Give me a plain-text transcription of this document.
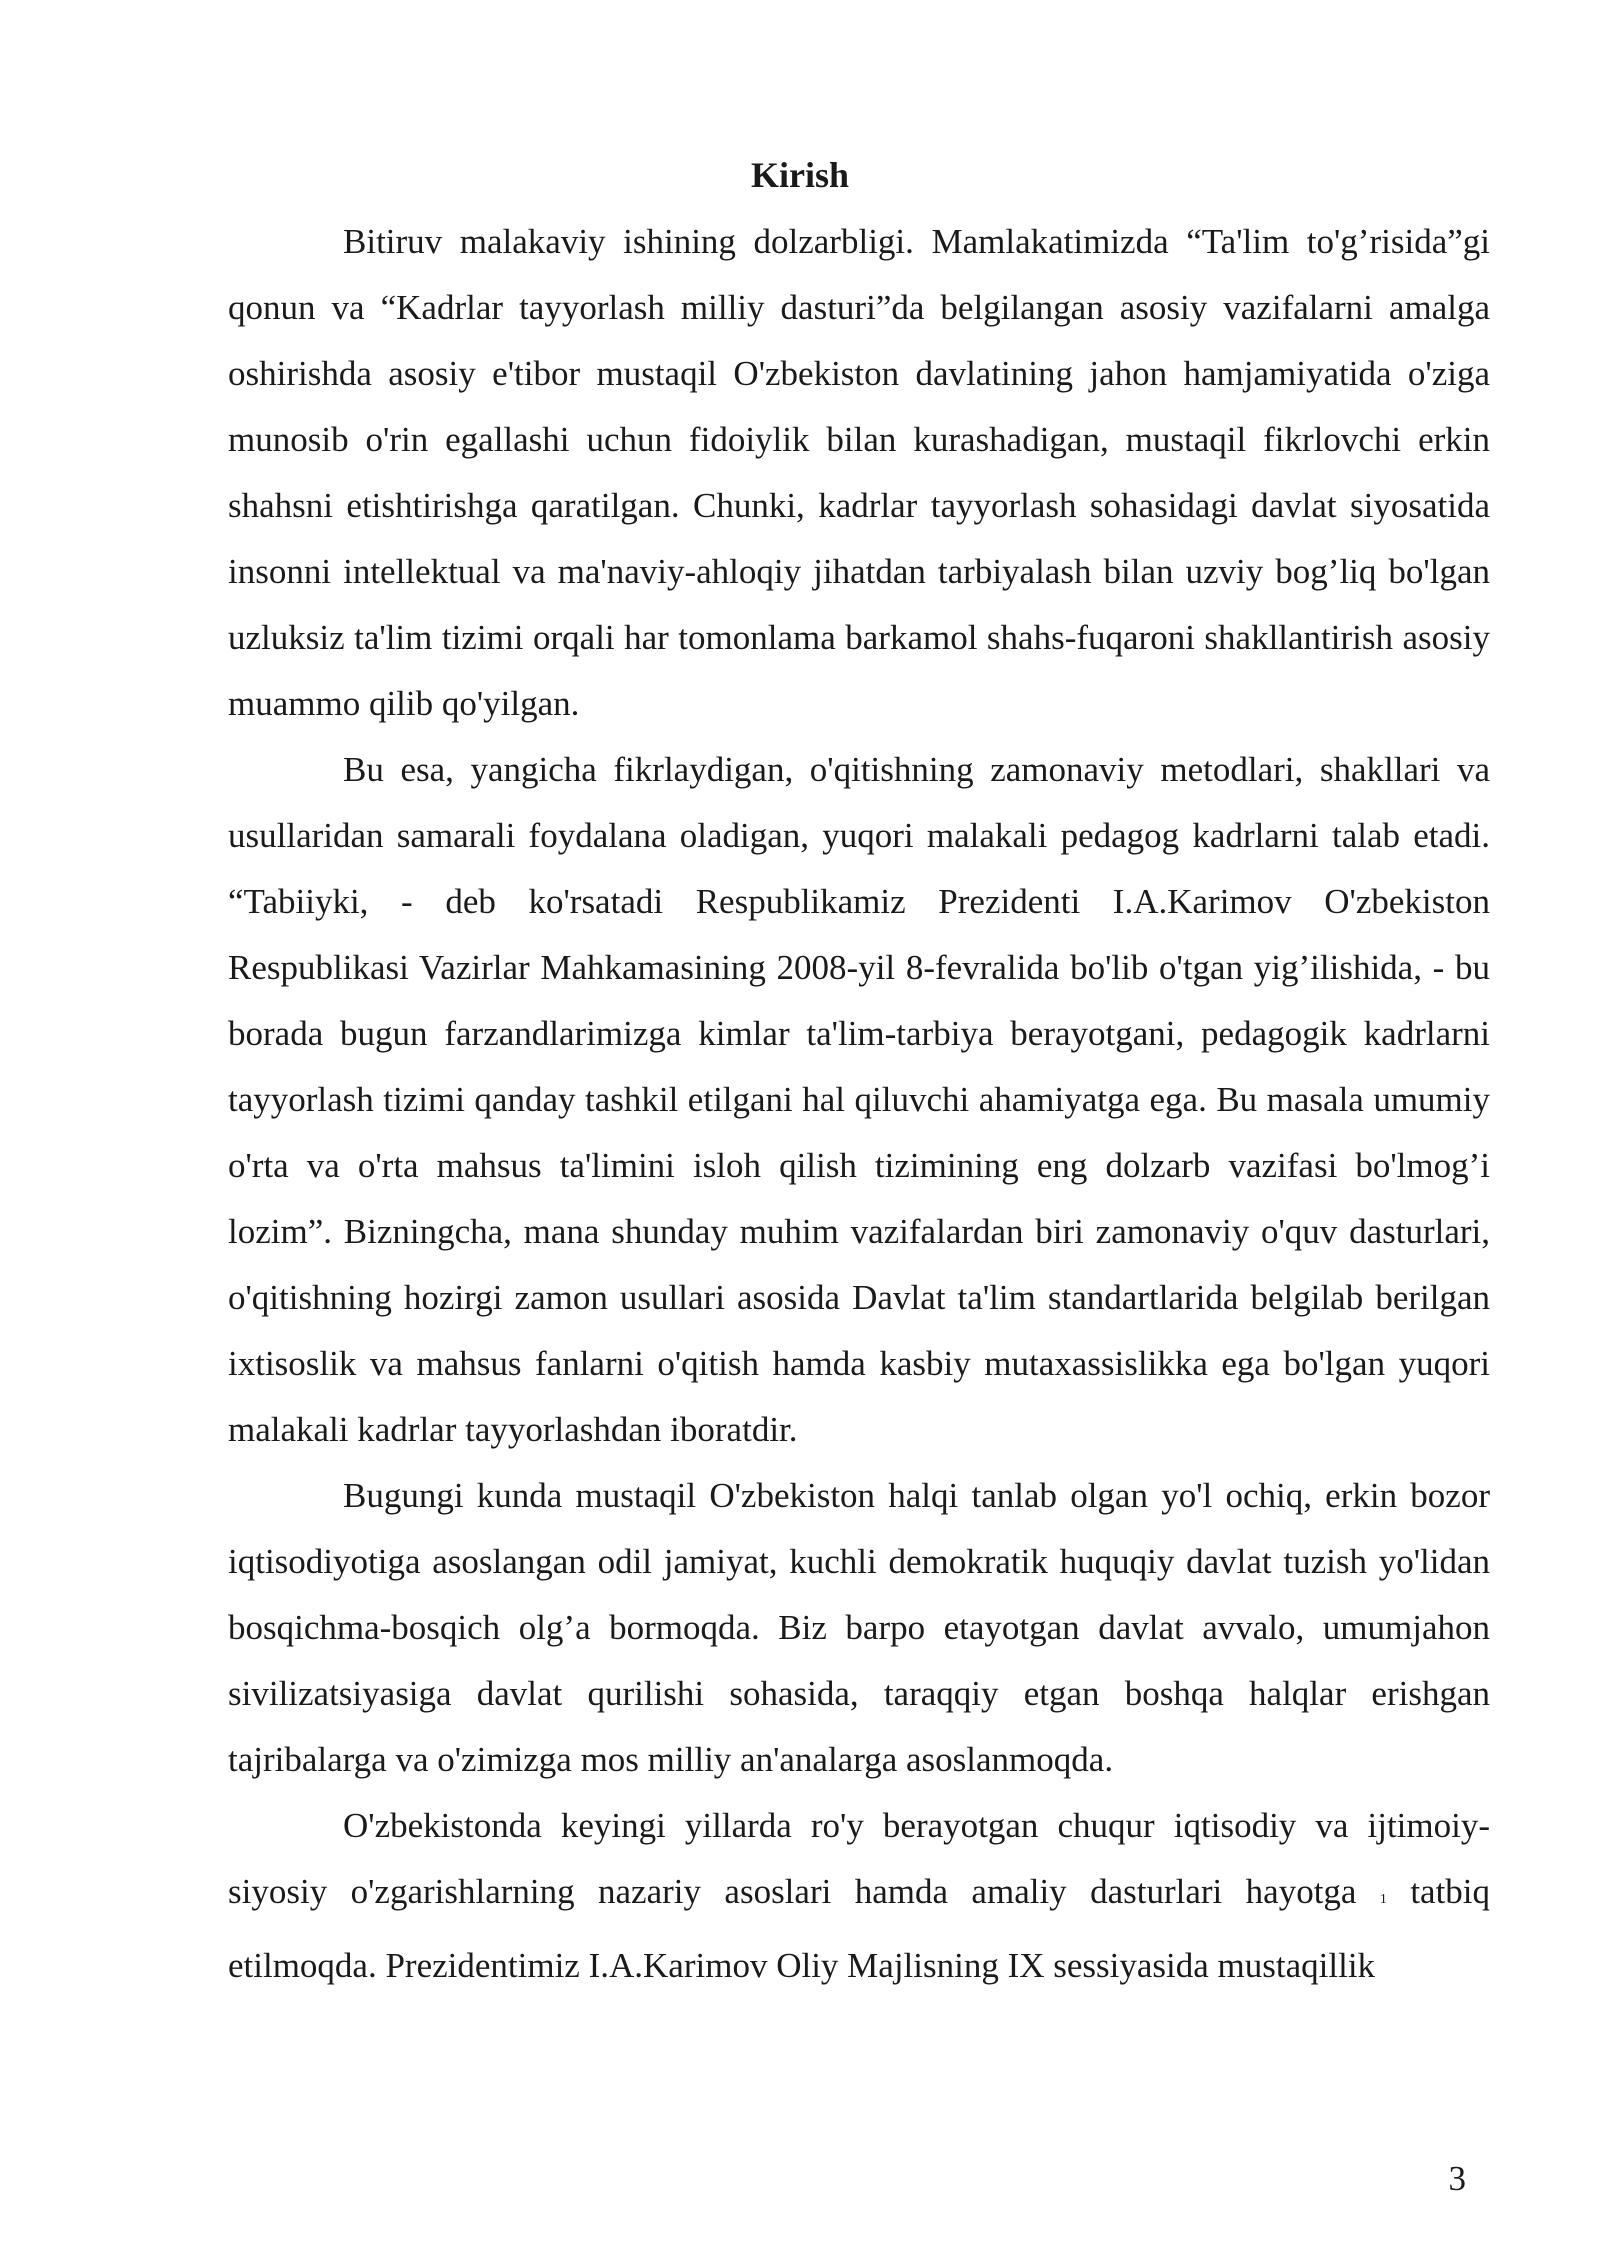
Kirish

Bitiruv malakaviy ishining dolzarbligi. Mamlakatimizda “Ta'lim to'g’risida”gi qonun va “Kadrlar tayyorlash milliy dasturi”da belgilangan asosiy vazifalarni amalga oshirishda asosiy e'tibor mustaqil O'zbekiston davlatining jahon hamjamiyatida o'ziga munosib o'rin egallashi uchun fidoiylik bilan kurashadigan, mustaqil fikrlovchi erkin shahsni etishtirishga qaratilgan. Chunki, kadrlar tayyorlash sohasidagi davlat siyosatida insonni intellektual va ma'naviy-ahloqiy jihatdan tarbiyalash bilan uzviy bog’liq bo'lgan uzluksiz ta'lim tizimi orqali har tomonlama barkamol shahs-fuqaroni shakllantirish asosiy muammo qilib qo'yilgan.

Bu esa, yangicha fikrlaydigan, o'qitishning zamonaviy metodlari, shakllari va usullaridan samarali foydalana oladigan, yuqori malakali pedagog kadrlarni talab etadi. “Tabiiyki, - deb ko'rsatadi Respublikamiz Prezidenti I.A.Karimov O'zbekiston Respublikasi Vazirlar Mahkamasining 2008-yil 8-fevralida bo'lib o'tgan yig’ilishida, - bu borada bugun farzandlarimizga kimlar ta'lim-tarbiya berayotgani, pedagogik kadrlarni tayyorlash tizimi qanday tashkil etilgani hal qiluvchi ahamiyatga ega. Bu masala umumiy o'rta va o'rta mahsus ta'limini isloh qilish tizimining eng dolzarb vazifasi bo'lmog’i lozim”. Bizningcha, mana shunday muhim vazifalardan biri zamonaviy o'quv dasturlari, o'qitishning hozirgi zamon usullari asosida Davlat ta'lim standartlarida belgilab berilgan ixtisoslik va mahsus fanlarni o'qitish hamda kasbiy mutaxassislikka ega bo'lgan yuqori malakali kadrlar tayyorlashdan iboratdir.

Bugungi kunda mustaqil O'zbekiston halqi tanlab olgan yo'l ochiq, erkin bozor iqtisodiyotiga asoslangan odil jamiyat, kuchli demokratik huquqiy davlat tuzish yo'lidan bosqichma-bosqich olg’a bormoqda. Biz barpo etayotgan davlat avvalo, umumjahon sivilizatsiyasiga davlat qurilishi sohasida, taraqqiy etgan boshqa halqlar erishgan tajribalarga va o'zimizga mos milliy an'analarga asoslanmoqda.

O'zbekistonda keyingi yillarda ro'y berayotgan chuqur iqtisodiy va ijtimoiy-siyosiy o'zgarishlarning nazariy asoslari hamda amaliy dasturlari hayotga 1 tatbiq etilmoqda. Prezidentimiz I.A.Karimov Oliy Majlisning IX sessiyasida mustaqillik

3
